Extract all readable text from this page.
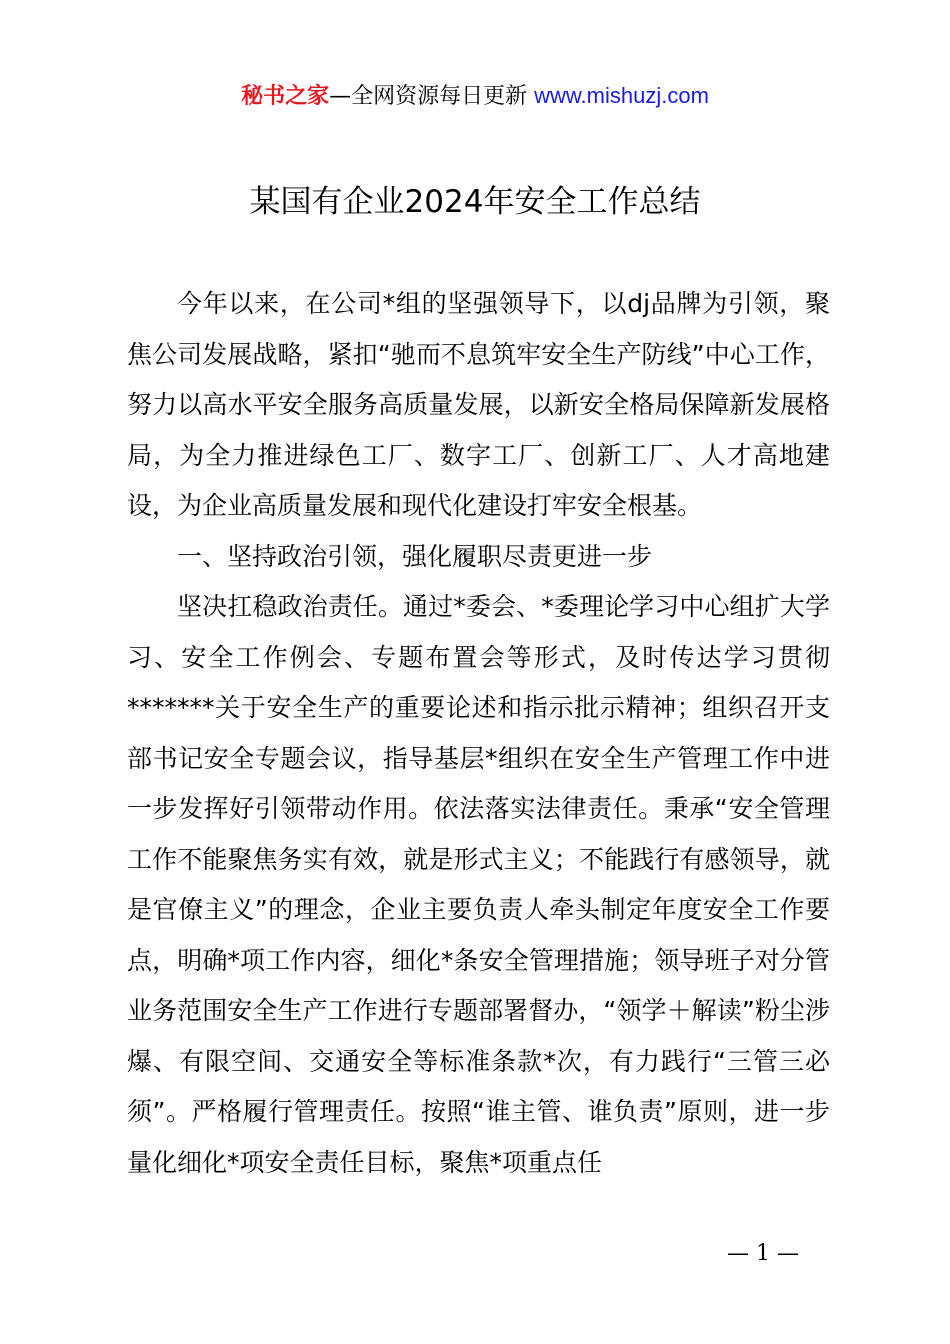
秘书之家—全网资源每日更新 www.mishuzj.com
某国有企业2024年安全工作总结

今年以来，在公司*组的坚强领导下，以dj品牌为引领，聚焦公司发展战略，紧扣“驰而不息筑牢安全生产防线”中心工作，努力以高水平安全服务高质量发展，以新安全格局保障新发展格局，为全力推进绿色工厂、数字工厂、创新工厂、人才高地建设，为企业高质量发展和现代化建设打牢安全根基。

一、坚持政治引领，强化履职尽责更进一步

坚决扛稳政治责任。通过*委会、*委理论学习中心组扩大学习、安全工作例会、专题布置会等形式，及时传达学习贯彻*******关于安全生产的重要论述和指示批示精神；组织召开支部书记安全专题会议，指导基层*组织在安全生产管理工作中进一步发挥好引领带动作用。依法落实法律责任。秉承“安全管理工作不能聚焦务实有效，就是形式主义；不能践行有感领导，就是官僚主义”的理念，企业主要负责人牵头制定年度安全工作要点，明确*项工作内容，细化*条安全管理措施；领导班子对分管业务范围安全生产工作进行专题部署督办，“领学＋解读”粉尘涉爆、有限空间、交通安全等标准条款*次，有力践行“三管三必须”。严格履行管理责任。按照“谁主管、谁负责”原则，进一步量化细化*项安全责任目标，聚焦*项重点任

— 1 —
